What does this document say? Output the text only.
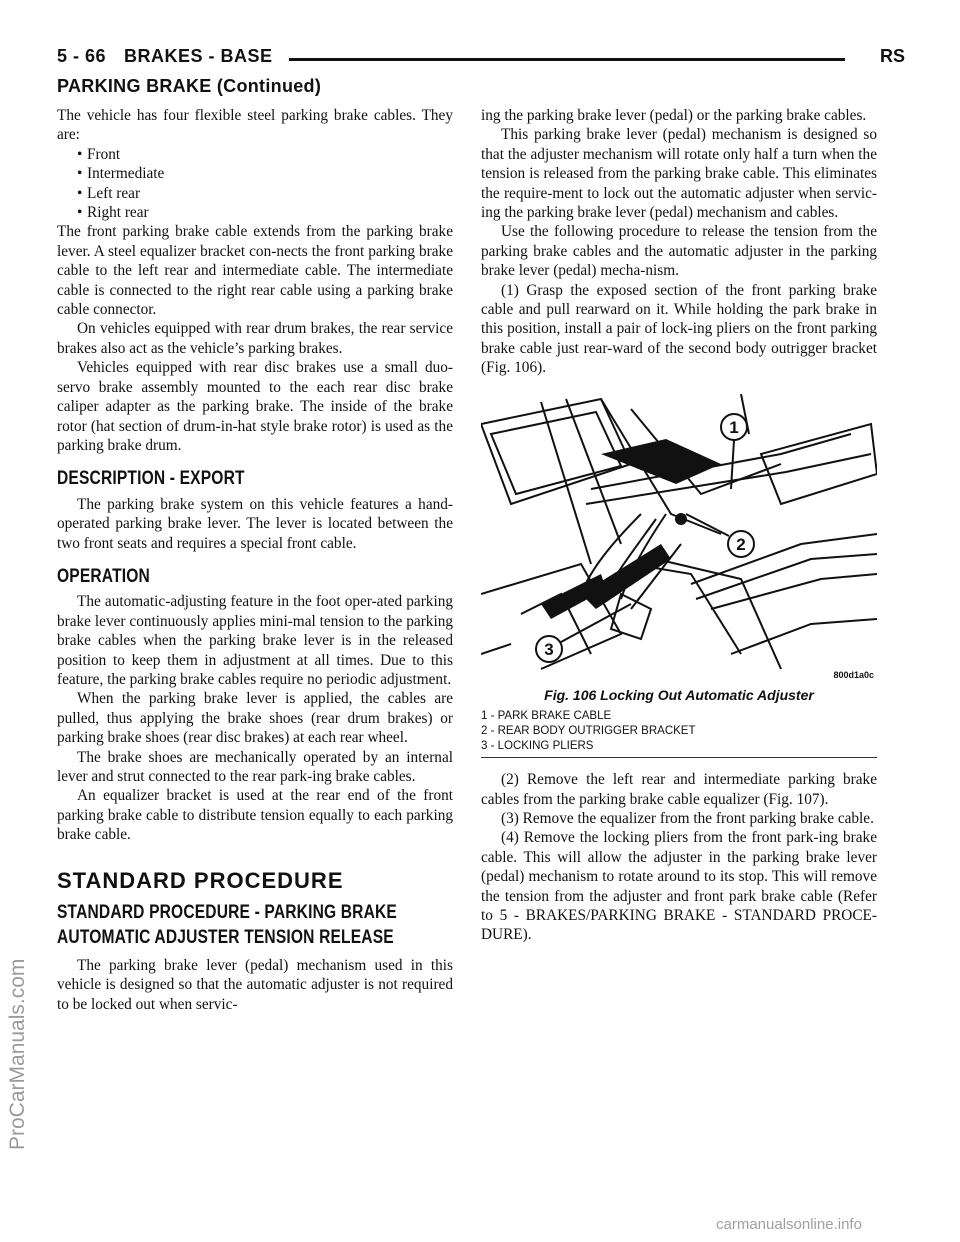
5 - 66 BRAKES - BASE	RS
PARKING BRAKE (Continued)

The vehicle has four flexible steel parking brake cables. They are:

• Front
• Intermediate
• Left rear
• Right rear

The front parking brake cable extends from the parking brake lever. A steel equalizer bracket con-nects the front parking brake cable to the left rear and intermediate cable. The intermediate cable is connected to the right rear cable using a parking brake cable connector.

On vehicles equipped with rear drum brakes, the rear service brakes also act as the vehicle’s parking brakes.

Vehicles equipped with rear disc brakes use a small duo-servo brake assembly mounted to the each rear disc brake caliper adapter as the parking brake. The inside of the brake rotor (hat section of drum-in-hat style brake rotor) is used as the parking brake drum.

DESCRIPTION - EXPORT

The parking brake system on this vehicle features a hand-operated parking brake lever. The lever is located between the two front seats and requires a special front cable.

OPERATION

The automatic-adjusting feature in the foot oper-ated parking brake lever continuously applies mini-mal tension to the parking brake cables when the parking brake lever is in the released position to keep them in adjustment at all times. Due to this feature, the parking brake cables require no periodic adjustment.

When the parking brake lever is applied, the cables are pulled, thus applying the brake shoes (rear drum brakes) or parking brake shoes (rear disc brakes) at each rear wheel.

The brake shoes are mechanically operated by an internal lever and strut connected to the rear park-ing brake cables.

An equalizer bracket is used at the rear end of the front parking brake cable to distribute tension equally to each parking brake cable.

STANDARD PROCEDURE
STANDARD PROCEDURE - PARKING BRAKE AUTOMATIC ADJUSTER TENSION RELEASE

The parking brake lever (pedal) mechanism used in this vehicle is designed so that the automatic adjuster is not required to be locked out when servic-

ing the parking brake lever (pedal) or the parking brake cables.

This parking brake lever (pedal) mechanism is designed so that the adjuster mechanism will rotate only half a turn when the tension is released from the parking brake cable. This eliminates the require-ment to lock out the automatic adjuster when servic-ing the parking brake lever (pedal) mechanism and cables.

Use the following procedure to release the tension from the parking brake cables and the automatic adjuster in the parking brake lever (pedal) mecha-nism.

(1) Grasp the exposed section of the front parking brake cable and pull rearward on it. While holding the park brake in this position, install a pair of lock-ing pliers on the front parking brake cable just rear-ward of the second body outrigger bracket (Fig. 106).

1
2
3
800d1a0c
Fig. 106 Locking Out Automatic Adjuster
1 - PARK BRAKE CABLE
2 - REAR BODY OUTRIGGER BRACKET
3 - LOCKING PLIERS

(2) Remove the left rear and intermediate parking brake cables from the parking brake cable equalizer (Fig. 107).

(3) Remove the equalizer from the front parking brake cable.

(4) Remove the locking pliers from the front park-ing brake cable. This will allow the adjuster in the parking brake lever (pedal) mechanism to rotate around to its stop. This will remove the tension from the adjuster and front park brake cable (Refer to 5 - BRAKES/PARKING BRAKE - STANDARD PROCE-DURE).

ProCarManuals.com
carmanualsonline.info
